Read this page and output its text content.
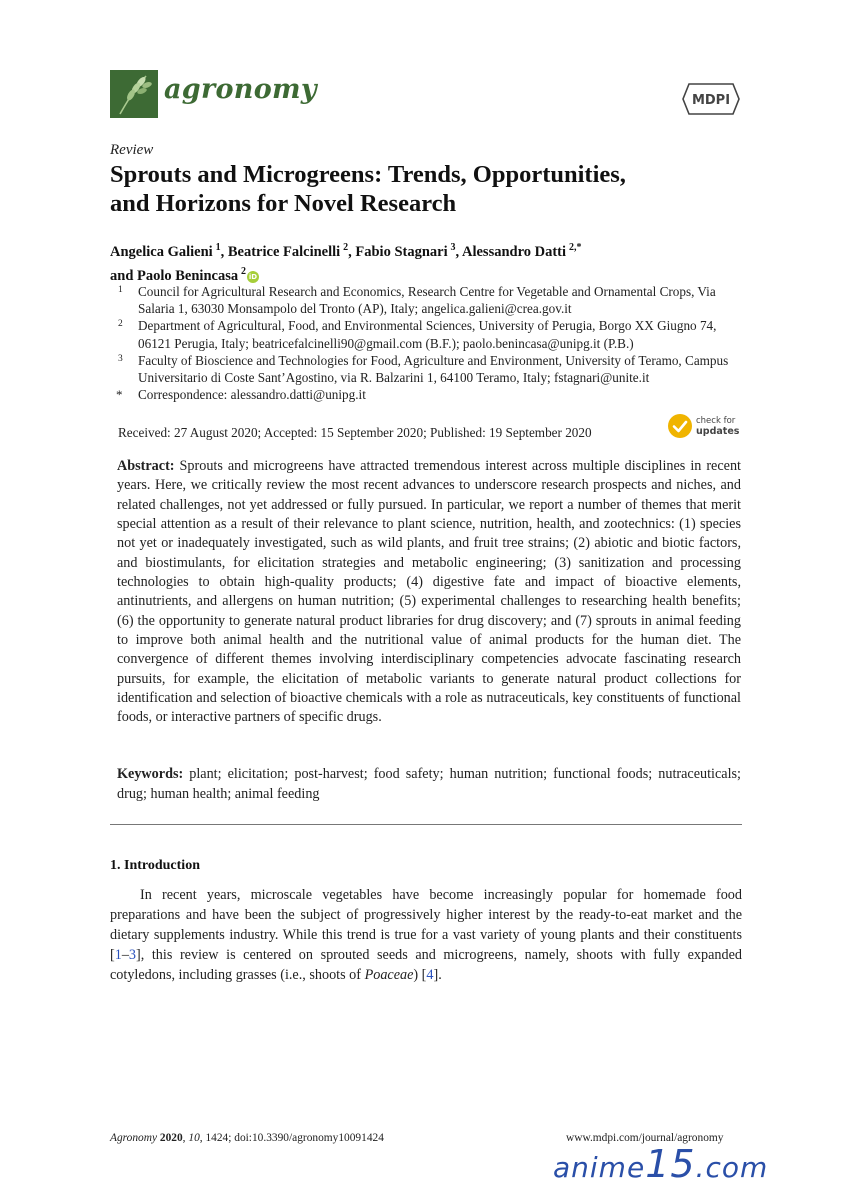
agronomy	MDPI
Review
Sprouts and Microgreens: Trends, Opportunities,
and Horizons for Novel Research
Angelica Galieni  $^1$, Beatrice Falcinelli  $^2$, Fabio Stagnari  $^3$, Alessandro Datti  $^{2,*}$
and Paolo Benincasa  $^2$ iD
1	Council for Agricultural Research and Economics, Research Centre for Vegetable and Ornamental Crops, Via Salaria 1, 63030 Monsampolo del Tronto (AP), Italy; angelica.galieni@crea.gov.it
2	Department of Agricultural, Food, and Environmental Sciences, University of Perugia, Borgo XX Giugno 74, 06121 Perugia, Italy; beatricefalcinelli90@gmail.com (B.F.); paolo.benincasa@unipg.it (P.B.)
3	Faculty of Bioscience and Technologies for Food, Agriculture and Environment, University of Teramo, Campus Universitario di Coste Sant’Agostino, via R. Balzarini 1, 64100 Teramo, Italy; fstagnari@unite.it
*	Correspondence: alessandro.datti@unipg.it
Received: 27 August 2020; Accepted: 15 September 2020; Published: 19 September 2020
check for
updates
Abstract: Sprouts and microgreens have attracted tremendous interest across multiple disciplines in recent years. Here, we critically review the most recent advances to underscore research prospects and niches, and related challenges, not yet addressed or fully pursued. In particular, we report a number of themes that merit special attention as a result of their relevance to plant science, nutrition, health, and zootechnics: (1) species not yet or inadequately investigated, such as wild plants, and fruit tree strains; (2) abiotic and biotic factors, and biostimulants, for elicitation strategies and metabolic engineering; (3) sanitization and processing technologies to obtain high-quality products; (4) digestive fate and impact of bioactive elements, antinutrients, and allergens on human nutrition; (5) experimental challenges to researching health benefits; (6) the opportunity to generate natural product libraries for drug discovery; and (7) sprouts in animal feeding to improve both animal health and the nutritional value of animal products for the human diet. The convergence of different themes involving interdisciplinary competencies advocate fascinating research pursuits, for example, the elicitation of metabolic variants to generate natural product collections for identification and selection of bioactive chemicals with a role as nutraceuticals, key constituents of functional foods, or interactive partners of specific drugs.
Keywords: plant; elicitation; post-harvest; food safety; human nutrition; functional foods; nutraceuticals; drug; human health; animal feeding
1. Introduction
In recent years, microscale vegetables have become increasingly popular for homemade food preparations and have been the subject of progressively higher interest by the ready-to-eat market and the dietary supplements industry. While this trend is true for a vast variety of young plants and their constituents [1–3], this review is centered on sprouted seeds and microgreens, namely, shoots with fully expanded cotyledons, including grasses (i.e., shoots of Poaceae) [4].
Agronomy 2020, 10, 1424; doi:10.3390/agronomy10091424	www.mdpi.com/journal/agronomy
anime15.com
